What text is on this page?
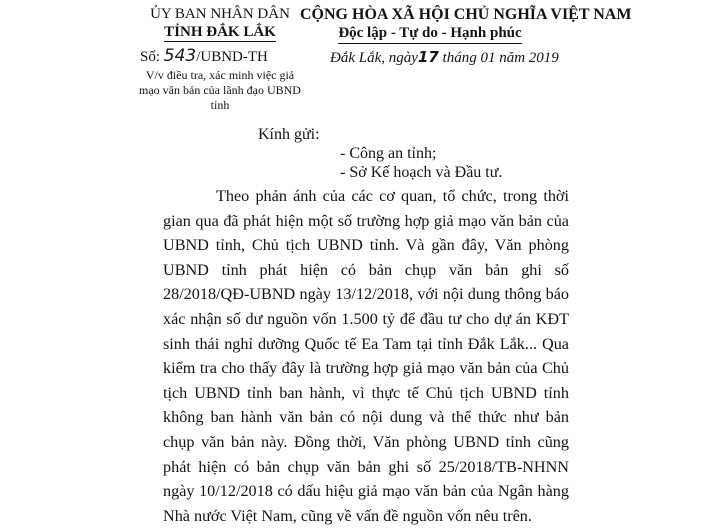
ỦY BAN NHÂN DÂN
TỈNH ĐẮK LẮK
Số: 543/UBND-TH
V/v điều tra, xác minh việc giả mạo văn bản của lãnh đạo UBND tỉnh
CỘNG HÒA XÃ HỘI CHỦ NGHĨA VIỆT NAM
Độc lập - Tự do - Hạnh phúc
Đắk Lắk, ngày17 tháng 01 năm 2019
Kính gửi:
- Công an tỉnh;
- Sở Kế hoạch và Đầu tư.
Theo phản ánh của các cơ quan, tổ chức, trong thời gian qua đã phát hiện một số trường hợp giả mạo văn bản của UBND tỉnh, Chủ tịch UBND tỉnh. Và gần đây, Văn phòng UBND tỉnh phát hiện có bản chụp văn bản ghi số 28/2018/QĐ-UBND ngày 13/12/2018, với nội dung thông báo xác nhận số dư nguồn vốn 1.500 tỷ để đầu tư cho dự án KĐT sinh thái nghỉ dưỡng Quốc tế Ea Tam tại tỉnh Đắk Lắk... Qua kiểm tra cho thấy đây là trường hợp giả mạo văn bản của Chủ tịch UBND tỉnh ban hành, vì thực tế Chủ tịch UBND tỉnh không ban hành văn bản có nội dung và thể thức như bản chụp văn bản này. Đồng thời, Văn phòng UBND tỉnh cũng phát hiện có bản chụp văn bản ghi số 25/2018/TB-NHNN ngày 10/12/2018 có dấu hiệu giả mạo văn bản của Ngân hàng Nhà nước Việt Nam, cũng về vấn đề nguồn vốn nêu trên.
